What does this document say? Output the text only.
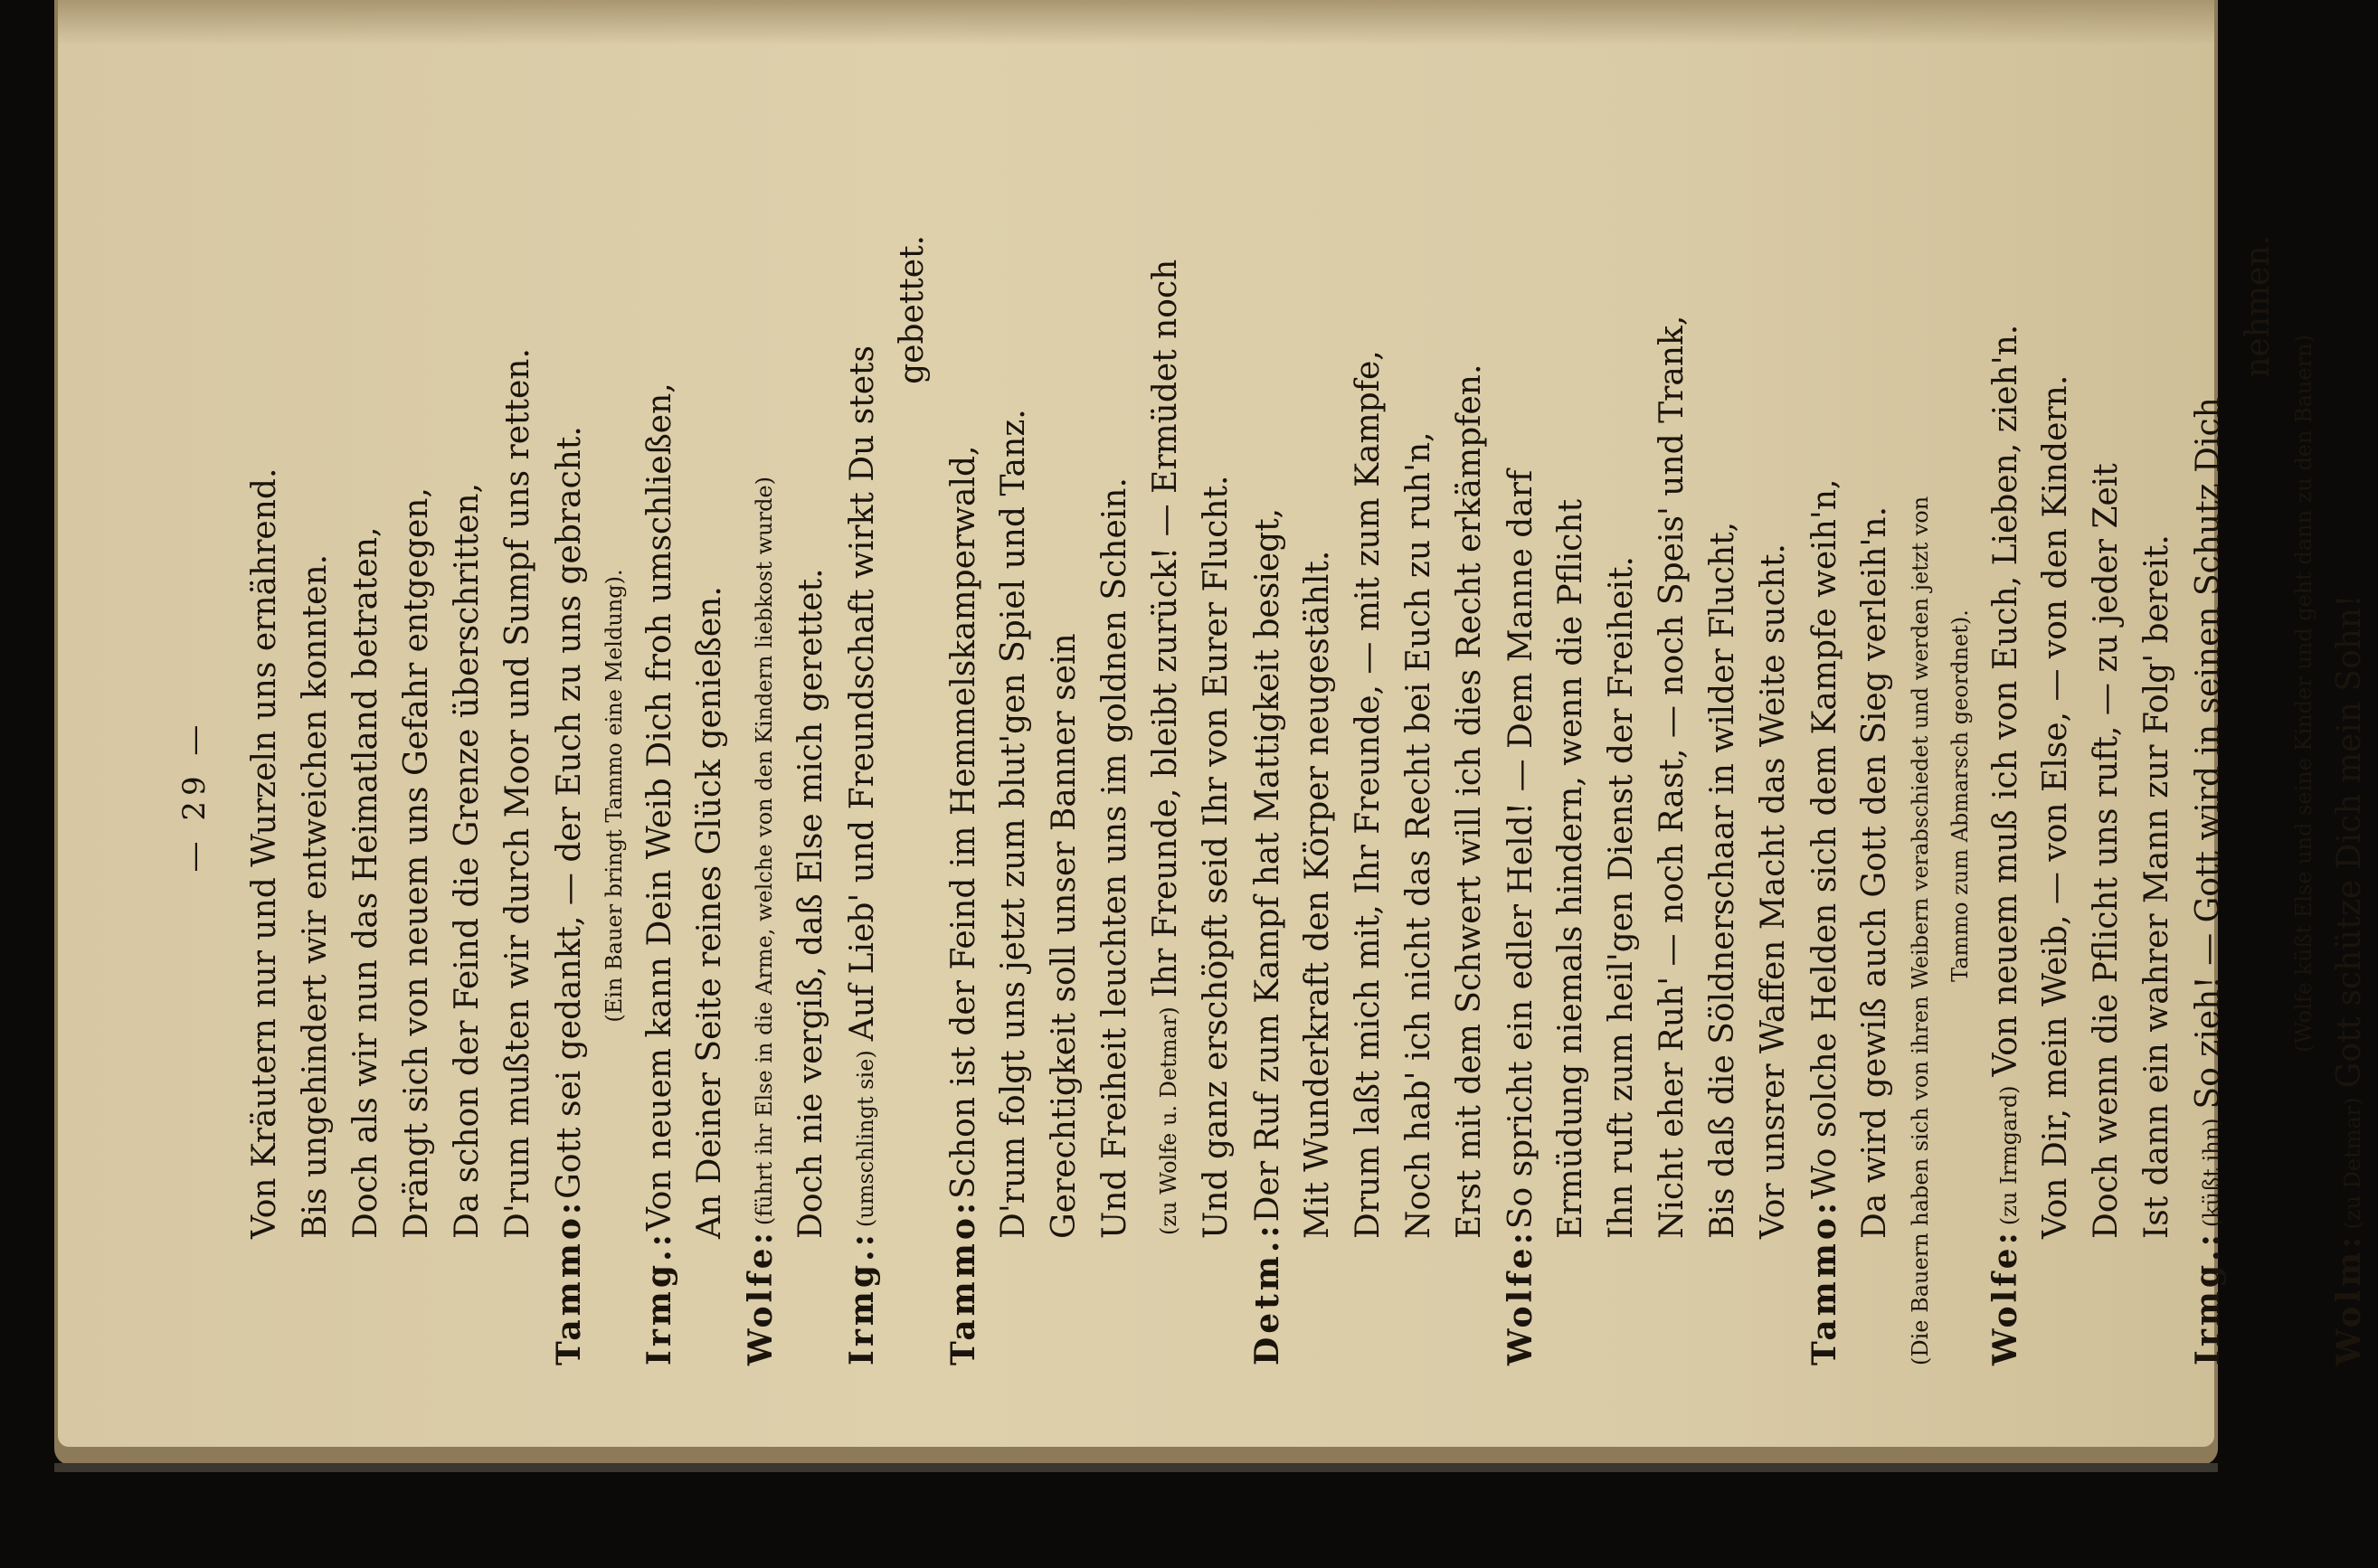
— 29 — Von Kräutern nur und Wurzeln uns ernährend. Bis ungehindert wir entweichen konnten. Doch als wir nun das Heimatland betraten, Drängt sich von neuem uns Gefahr entgegen, Da schon der Feind die Grenze überschritten, D'rum mußten wir durch Moor und Sumpf uns retten.
Tammo:
Gott sei gedankt, — der Euch zu uns gebracht. (Ein Bauer bringt Tammo eine Meldung).
Irmg.:
Von neuem kann Dein Weib Dich froh umschließen, An Deiner Seite reines Glück genießen.
Wolfe:
(führt ihr Else in die Arme, welche von den Kindern liebkost wurde) Doch nie vergiß, daß Else mich gerettet.
Irmg.:
(umschlingt sie)
Auf Lieb' und Freundschaft wirkt Du stets
gebettet.
Tammo:
Schon ist der Feind im Hemmelskamperwald, D'rum folgt uns jetzt zum blut'gen Spiel und Tanz. Gerechtigkeit soll unser Banner sein Und Freiheit leuchten uns im goldnen Schein.	(zu Wolfe u. Detmar)
Ihr Freunde, bleibt zurück! — Ermüdet noch Und ganz erschöpft seid Ihr von Eurer Flucht.
Detm.:
Der Ruf zum Kampf hat Mattigkeit besiegt, Mit Wunderkraft den Körper neugestählt. Drum laßt mich mit, Ihr Freunde, — mit zum Kampfe, Noch hab' ich nicht das Recht bei Euch zu ruh'n, Erst mit dem Schwert will ich dies Recht erkämpfen.
Wolfe:
So spricht ein edler Held! — Dem Manne darf Ermüdung niemals hindern, wenn die Pflicht Ihn ruft zum heil'gen Dienst der Freiheit. Nicht eher Ruh' — noch Rast, — noch Speis' und Trank, Bis daß die Söldnerschaar in wilder Flucht, Vor unsrer Waffen Macht das Weite sucht.
Tammo:
Wo solche Helden sich dem Kampfe weih'n, Da wird gewiß auch Gott den Sieg verleih'n. (Die Bauern haben sich von ihren Weibern verabschiedet und werden jetzt von Tammo zum Abmarsch geordnet).
Wolfe:
(zu Irmgard)
Von neuem muß ich von Euch, Lieben, zieh'n. Von Dir, mein Weib, — von Else, — von den Kindern. Doch wenn die Pflicht uns ruft, — zu jeder Zeit Ist dann ein wahrer Mann zur Folg' bereit.
Irmg.:
(küßt ihn)
So zieh! — Gott wird in seinen Schutz Dich
nehmen.
(Wolfe küßt Else und seine Kinder und geht dann zu den Bauern)
Wolm:
(zu Detmar)
Gott schütze Dich mein Sohn!
